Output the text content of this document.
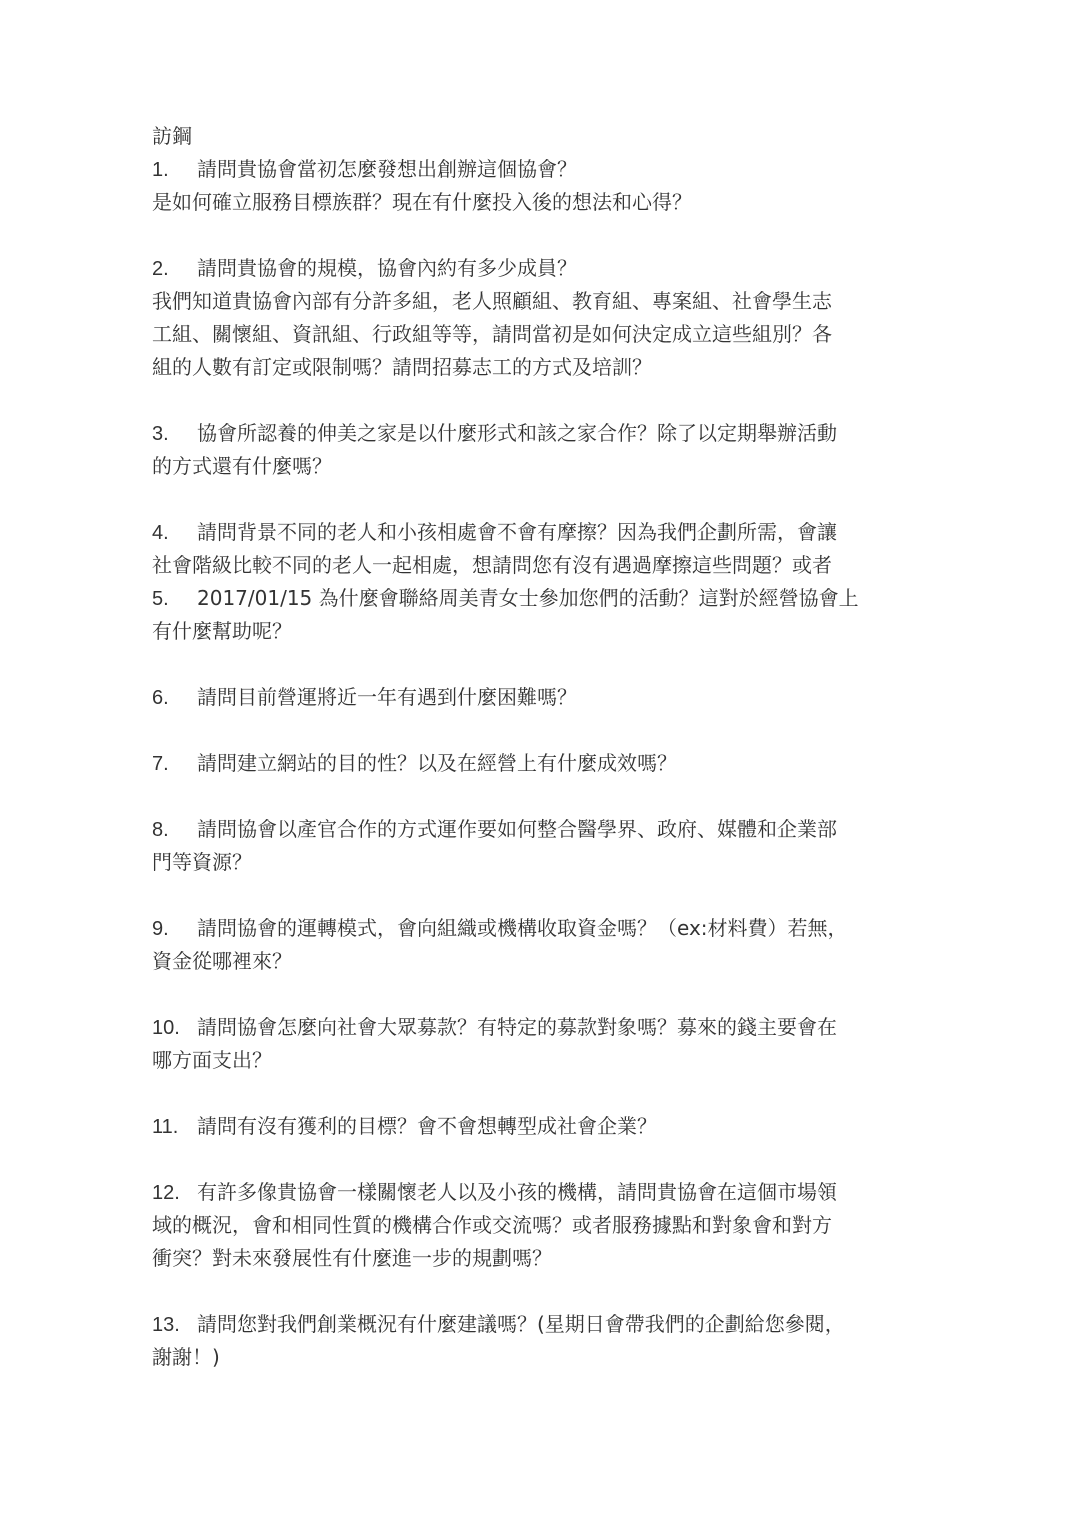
訪鋼
1. 請問貴協會當初怎麼發想出創辦這個協會？
是如何確立服務目標族群？現在有什麼投入後的想法和心得？
2. 請問貴協會的規模，協會內約有多少成員？
我們知道貴協會內部有分許多組，老人照顧組、教育組、專案組、社會學生志
工組、關懷組、資訊組、行政組等等，請問當初是如何決定成立這些組別？各
組的人數有訂定或限制嗎？請問招募志工的方式及培訓？
3. 協會所認養的伸美之家是以什麼形式和該之家合作？除了以定期舉辦活動
的方式還有什麼嗎？
4. 請問背景不同的老人和小孩相處會不會有摩擦？因為我們企劃所需，會讓
社會階級比較不同的老人一起相處，想請問您有沒有遇過摩擦這些問題？或者
5. 2017/01/15 為什麼會聯絡周美青女士參加您們的活動？這對於經營協會上
有什麼幫助呢？
6. 請問目前營運將近一年有遇到什麼困難嗎？
7. 請問建立網站的目的性？以及在經營上有什麼成效嗎？
8. 請問協會以產官合作的方式運作要如何整合醫學界、政府、媒體和企業部
門等資源？
9. 請問協會的運轉模式，會向組織或機構收取資金嗎？（ex:材料費）若無，
資金從哪裡來？
10. 請問協會怎麼向社會大眾募款？有特定的募款對象嗎？募來的錢主要會在
哪方面支出？
11. 請問有沒有獲利的目標？會不會想轉型成社會企業？
12. 有許多像貴協會一樣關懷老人以及小孩的機構，請問貴協會在這個市場領
域的概況，會和相同性質的機構合作或交流嗎？或者服務據點和對象會和對方
衝突？對未來發展性有什麼進一步的規劃嗎？
13. 請問您對我們創業概況有什麼建議嗎？(星期日會帶我們的企劃給您參閱，
謝謝！)
